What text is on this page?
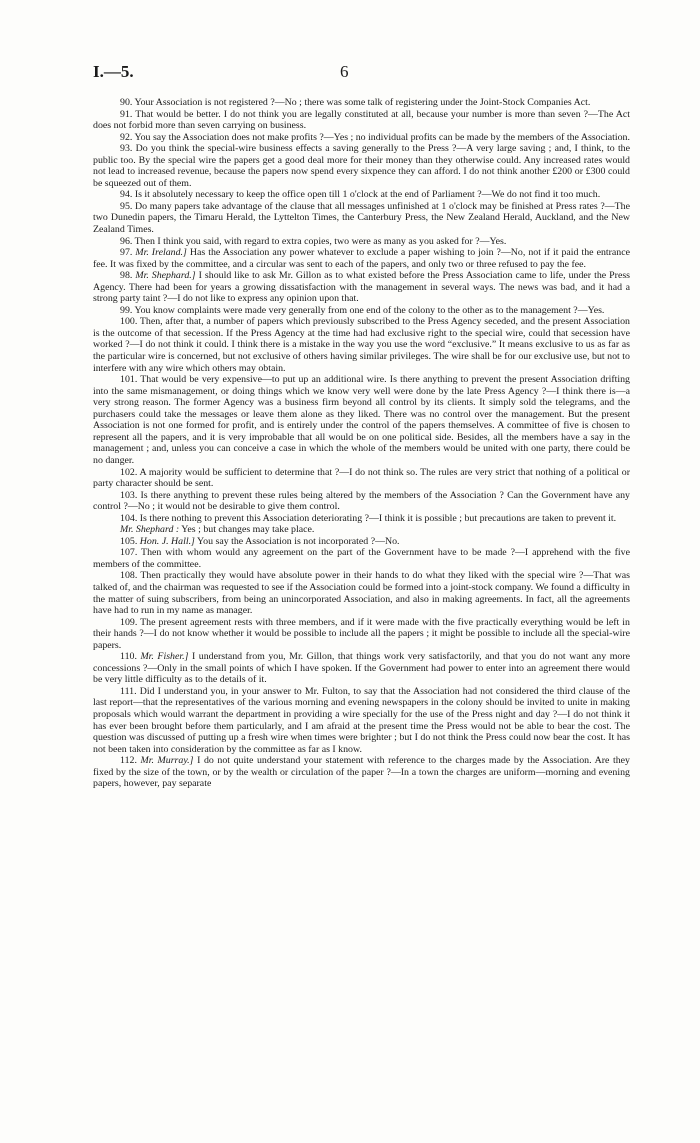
I.—5.	6

90. Your Association is not registered ?—No ; there was some talk of registering under the Joint-Stock Companies Act.

91. That would be better. I do not think you are legally constituted at all, because your number is more than seven ?—The Act does not forbid more than seven carrying on business.

92. You say the Association does not make profits ?—Yes ; no individual profits can be made by the members of the Association.

93. Do you think the special-wire business effects a saving generally to the Press ?—A very large saving ; and, I think, to the public too. By the special wire the papers get a good deal more for their money than they otherwise could. Any increased rates would not lead to increased revenue, because the papers now spend every sixpence they can afford. I do not think another £200 or £300 could be squeezed out of them.

94. Is it absolutely necessary to keep the office open till 1 o'clock at the end of Parliament ?—We do not find it too much.

95. Do many papers take advantage of the clause that all messages unfinished at 1 o'clock may be finished at Press rates ?—The two Dunedin papers, the Timaru Herald, the Lyttelton Times, the Canterbury Press, the New Zealand Herald, Auckland, and the New Zealand Times.

96. Then I think you said, with regard to extra copies, two were as many as you asked for ?—Yes.

97. Mr. Ireland.] Has the Association any power whatever to exclude a paper wishing to join ?—No, not if it paid the entrance fee. It was fixed by the committee, and a circular was sent to each of the papers, and only two or three refused to pay the fee.

98. Mr. Shephard.] I should like to ask Mr. Gillon as to what existed before the Press Association came to life, under the Press Agency. There had been for years a growing dissatisfaction with the management in several ways. The news was bad, and it had a strong party taint ?—I do not like to express any opinion upon that.

99. You know complaints were made very generally from one end of the colony to the other as to the management ?—Yes.

100. Then, after that, a number of papers which previously subscribed to the Press Agency seceded, and the present Association is the outcome of that secession. If the Press Agency at the time had had exclusive right to the special wire, could that secession have worked ?—I do not think it could. I think there is a mistake in the way you use the word “exclusive.” It means exclusive to us as far as the particular wire is concerned, but not exclusive of others having similar privileges. The wire shall be for our exclusive use, but not to interfere with any wire which others may obtain.

101. That would be very expensive—to put up an additional wire. Is there anything to prevent the present Association drifting into the same mismanagement, or doing things which we know very well were done by the late Press Agency ?—I think there is—a very strong reason. The former Agency was a business firm beyond all control by its clients. It simply sold the telegrams, and the purchasers could take the messages or leave them alone as they liked. There was no control over the management. But the present Association is not one formed for profit, and is entirely under the control of the papers themselves. A committee of five is chosen to represent all the papers, and it is very improbable that all would be on one political side. Besides, all the members have a say in the management ; and, unless you can conceive a case in which the whole of the members would be united with one party, there could be no danger.

102. A majority would be sufficient to determine that ?—I do not think so. The rules are very strict that nothing of a political or party character should be sent.

103. Is there anything to prevent these rules being altered by the members of the Association ? Can the Government have any control ?—No ; it would not be desirable to give them control.

104. Is there nothing to prevent this Association deteriorating ?—I think it is possible ; but precautions are taken to prevent it.

Mr. Shephard : Yes ; but changes may take place.

105. Hon. J. Hall.] You say the Association is not incorporated ?—No.

107. Then with whom would any agreement on the part of the Government have to be made ?—I apprehend with the five members of the committee.

108. Then practically they would have absolute power in their hands to do what they liked with the special wire ?—That was talked of, and the chairman was requested to see if the Association could be formed into a joint-stock company. We found a difficulty in the matter of suing subscribers, from being an unincorporated Association, and also in making agreements. In fact, all the agreements have had to run in my name as manager.

109. The present agreement rests with three members, and if it were made with the five practically everything would be left in their hands ?—I do not know whether it would be possible to include all the papers ; it might be possible to include all the special-wire papers.

110. Mr. Fisher.] I understand from you, Mr. Gillon, that things work very satisfactorily, and that you do not want any more concessions ?—Only in the small points of which I have spoken. If the Government had power to enter into an agreement there would be very little difficulty as to the details of it.

111. Did I understand you, in your answer to Mr. Fulton, to say that the Association had not considered the third clause of the last report—that the representatives of the various morning and evening newspapers in the colony should be invited to unite in making proposals which would warrant the department in providing a wire specially for the use of the Press night and day ?—I do not think it has ever been brought before them particularly, and I am afraid at the present time the Press would not be able to bear the cost. The question was discussed of putting up a fresh wire when times were brighter ; but I do not think the Press could now bear the cost. It has not been taken into consideration by the committee as far as I know.

112. Mr. Murray.] I do not quite understand your statement with reference to the charges made by the Association. Are they fixed by the size of the town, or by the wealth or circulation of the paper ?—In a town the charges are uniform—morning and evening papers, however, pay separate
